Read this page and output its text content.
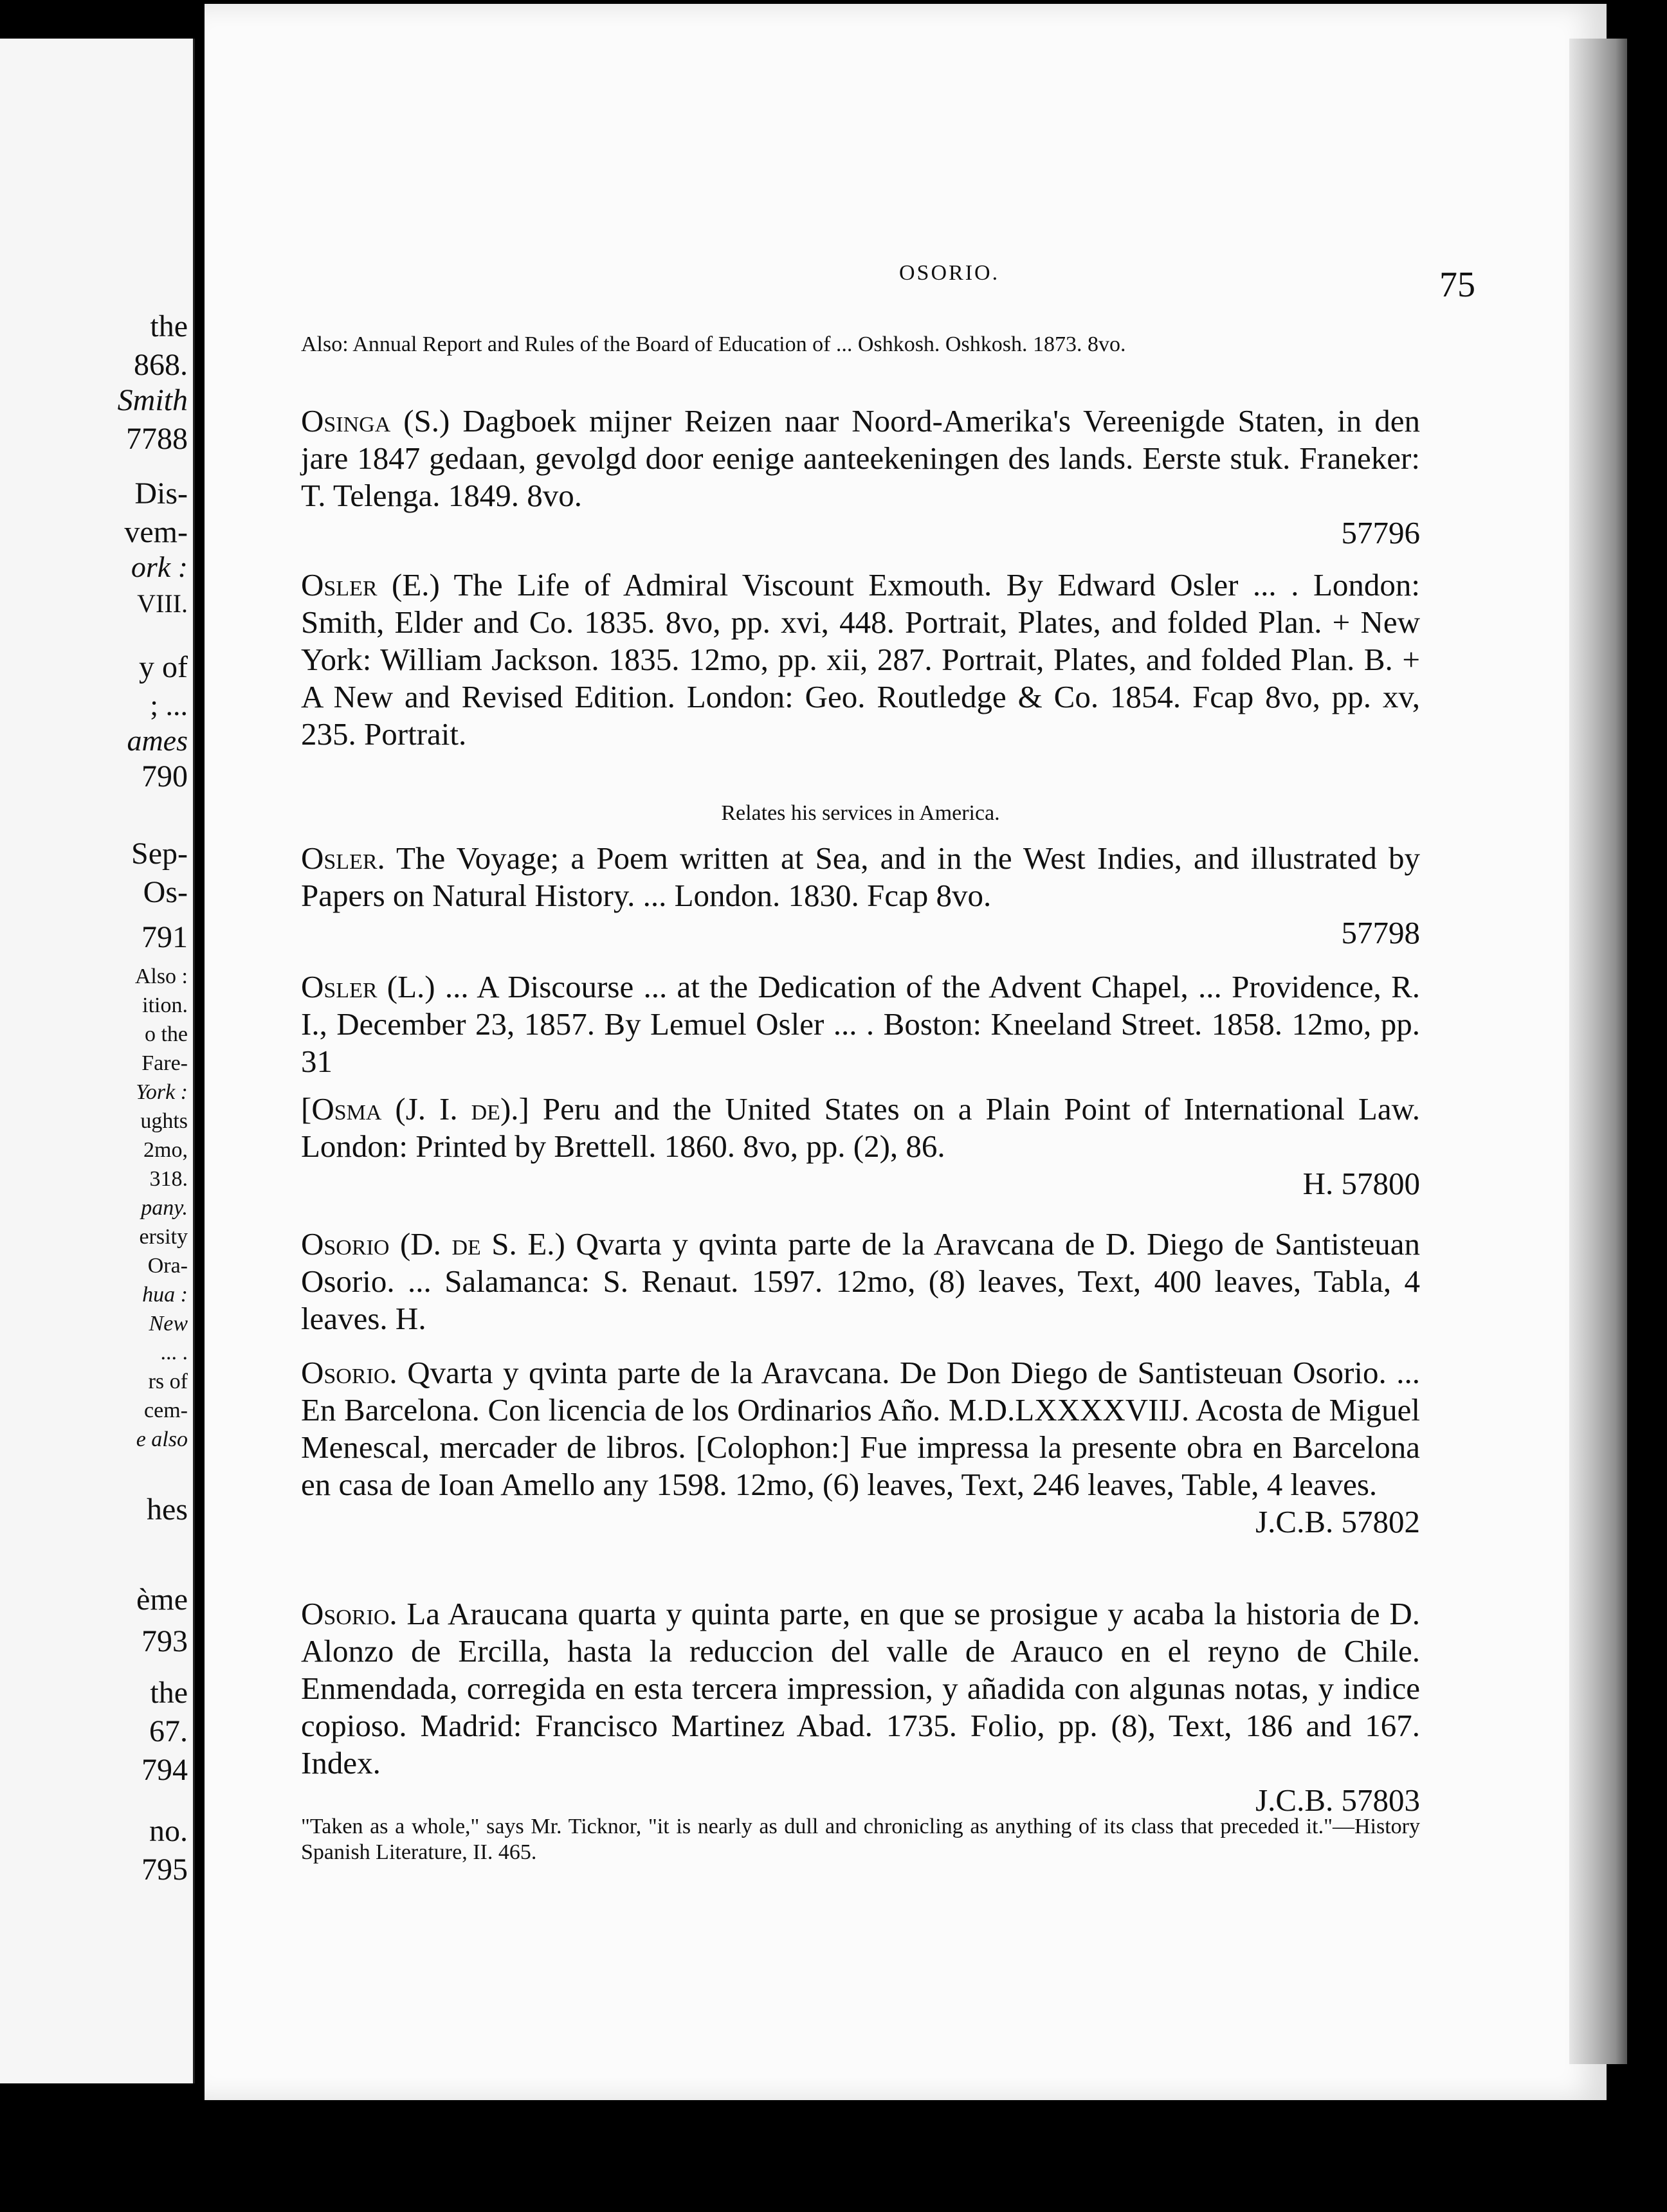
the
868.
Smith
7788
Dis-
vem-
ork :
VIII.
y of
; ...
ames
790
Sep-
Os-
791
Also :
ition.
o the
Fare-
York :
ughts
2mo,
318.
pany.
ersity
Ora-
hua :
New
... .
rs of
cem-
e also
hes
ème
793
the
67.
794
no.
795
OSORIO.	75
Also: Annual Report and Rules of the Board of Education of ... Oshkosh. Oshkosh. 1873. 8vo.
Osinga (S.) Dagboek mijner Reizen naar Noord-Amerika's Vereenigde Staten, in den jare 1847 gedaan, gevolgd door eenige aanteekeningen des lands. Eerste stuk. Franeker: T. Telenga. 1849. 8vo.
57796
Osler (E.) The Life of Admiral Viscount Exmouth. By Edward Osler ... . London: Smith, Elder and Co. 1835. 8vo, pp. xvi, 448. Portrait, Plates, and folded Plan. + New York: William Jackson. 1835. 12mo, pp. xii, 287. Portrait, Plates, and folded Plan. B. + A New and Revised Edition. London: Geo. Routledge & Co. 1854. Fcap 8vo, pp. xv, 235. Portrait.
Relates his services in America.
Osler. The Voyage; a Poem written at Sea, and in the West Indies, and illustrated by Papers on Natural History. ... London. 1830. Fcap 8vo.
57798
Osler (L.) ... A Discourse ... at the Dedication of the Advent Chapel, ... Providence, R. I., December 23, 1857. By Lemuel Osler ... . Boston: Kneeland Street. 1858. 12mo, pp. 31
[Osma (J. I. de).] Peru and the United States on a Plain Point of International Law. London: Printed by Brettell. 1860. 8vo, pp. (2), 86.
H. 57800
Osorio (D. de S. E.) Qvarta y qvinta parte de la Aravcana de D. Diego de Santisteuan Osorio. ... Salamanca: S. Renaut. 1597. 12mo, (8) leaves, Text, 400 leaves, Tabla, 4 leaves. H.
Osorio. Qvarta y qvinta parte de la Aravcana. De Don Diego de Santisteuan Osorio. ... En Barcelona. Con licencia de los Ordinarios Año. M.D.LXXXXVIIJ. Acosta de Miguel Menescal, mercader de libros. [Colophon:] Fue impressa la presente obra en Barcelona en casa de Ioan Amello any 1598. 12mo, (6) leaves, Text, 246 leaves, Table, 4 leaves.
J.C.B. 57802
Osorio. La Araucana quarta y quinta parte, en que se prosigue y acaba la historia de D. Alonzo de Ercilla, hasta la reduccion del valle de Arauco en el reyno de Chile. Enmendada, corregida en esta tercera impression, y añadida con algunas notas, y indice copioso. Madrid: Francisco Martinez Abad. 1735. Folio, pp. (8), Text, 186 and 167. Index.
J.C.B. 57803
"Taken as a whole," says Mr. Ticknor, "it is nearly as dull and chronicling as anything of its class that preceded it."—History Spanish Literature, II. 465.
